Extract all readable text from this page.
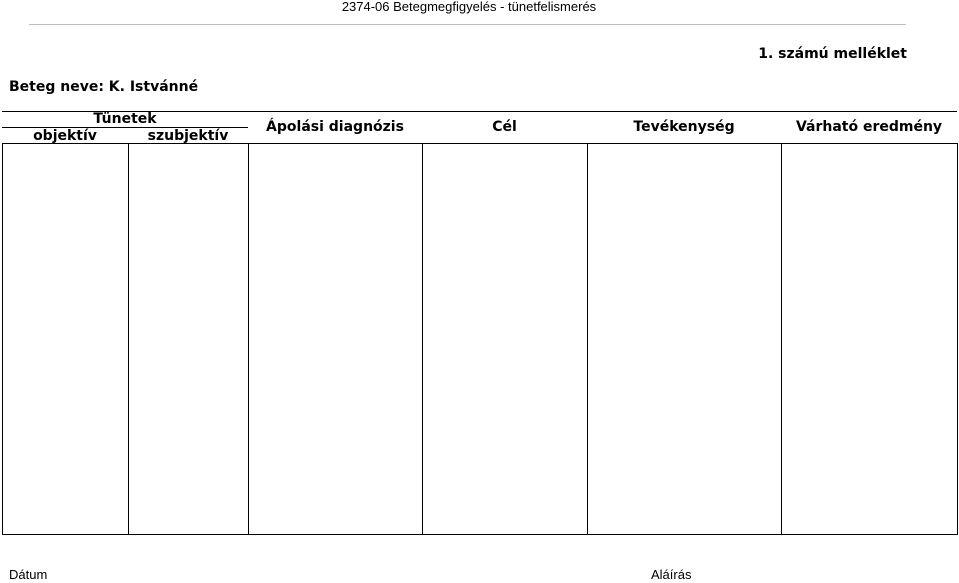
2374-06 Betegmegfigyelés - tünetfelismerés
1. számú melléklet
Beteg neve: K. Istvánné
Tünetek
objektív	szubjektív
Ápolási diagnózis	Cél	Tevékenység	Várható eredmény
Dátum	Aláírás
